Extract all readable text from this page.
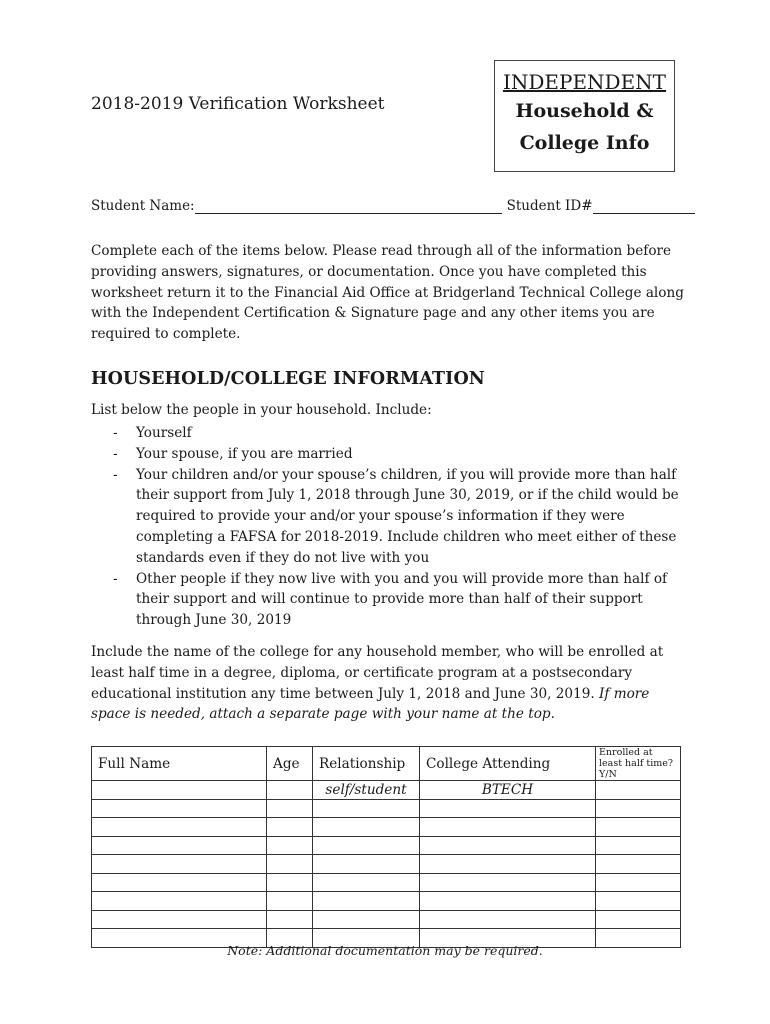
2018-2019 Verification Worksheet
INDEPENDENT
Household &
College Info
Student Name:	Student ID#
Complete each of the items below. Please read through all of the information before providing answers, signatures, or documentation. Once you have completed this worksheet return it to the Financial Aid Office at Bridgerland Technical College along with the Independent Certification & Signature page and any other items you are required to complete.
HOUSEHOLD/COLLEGE INFORMATION
List below the people in your household. Include:
- Yourself
- Your spouse, if you are married
- Your children and/or your spouse’s children, if you will provide more than half their support from July 1, 2018 through June 30, 2019, or if the child would be required to provide your and/or your spouse’s information if they were completing a FAFSA for 2018-2019. Include children who meet either of these standards even if they do not live with you
- Other people if they now live with you and you will provide more than half of their support and will continue to provide more than half of their support through June 30, 2019
Include the name of the college for any household member, who will be enrolled at least half time in a degree, diploma, or certificate program at a postsecondary educational institution any time between July 1, 2018 and June 30, 2019. If more space is needed, attach a separate page with your name at the top.
Full Name	Age	Relationship	College Attending	Enrolled at least half time? Y/N
		self/student	BTECH	

Note: Additional documentation may be required.
